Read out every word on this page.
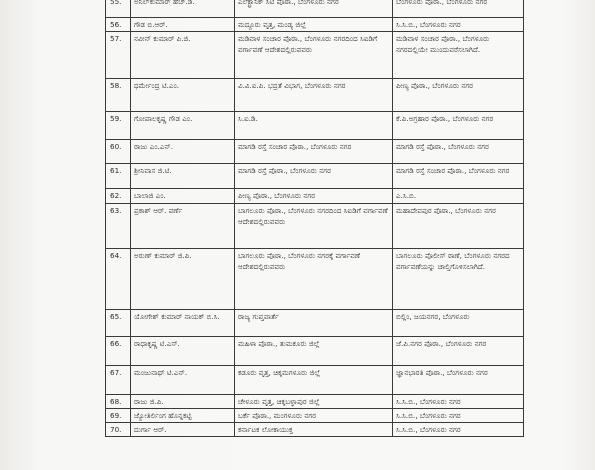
55.	ಅನಿಲ್‌ಕುಮಾರ್ ಹೆಚ್.ಡಿ.	ಎಲೆಕ್ಟ್ರಾನಿಕ್ ಸಿಟಿ ಪೊಠಾ., ಬೆಂಗಳೂರು ನಗರ	ಬೆಂಗಳೂರು ಪೊಠಾ., ಬೆಂಗಳೂರು ನಗರ
56.	ಗೌಡ ಬಿ.ಆರ್.	ಮದ್ದೂರು ವೃತ್ತ, ಮಂಡ್ಯ ಜಿಲ್ಲೆ	ಸಿ.ಸಿ.ಬಿ., ಬೆಂಗಳೂರು ನಗರ
57.	ನವೀನ್ ಕುಮಾರ್ ಪಿ.ಜಿ.	ಮಡಿವಾಳ ಸಂಚಾರ ಪೊಠಾ., ಬೆಂಗಳೂರು ನಗರದಿಂದ ಸಿಐಡಿಗೆ ವರ್ಗಾವಣೆ ಆದೇಶದಲ್ಲಿರುವವರು	ಮಡಿವಾಳ ಸಂಚಾರ ಪೊಠಾ., ಬೆಂಗಳೂರು ನಗರದಲ್ಲಿಯೇ ಮುಂದುವರೆಸಲಾಗಿದೆ.
58.	ಧರ್ಮೇಂದ್ರ ಟಿ.ಎಂ.	ವಿ.ವಿ.ಐ.ಪಿ. ಭದ್ರತೆ ವಿಭಾಗ, ಬೆಂಗಳೂರು ನಗರ	ಪೀಣ್ಯ ಪೊಠಾ., ಬೆಂಗಳೂರು ನಗರ
59.	ಗೋಪಾಲಕೃಷ್ಣ ಗೌಡ ಎಂ.	ಸಿ.ಐ.ಡಿ.	ಕೆ.ಪಿ.ಅಗ್ರಹಾರ ಪೊಠಾ., ಬೆಂಗಳೂರು ನಗರ
60.	ರಾಜು ಎಂ.ಎನ್.	ಮಾಗಡಿ ರಸ್ತೆ ಸಂಚಾರ ಪೊಠಾ., ಬೆಂಗಳೂರು ನಗರ	ಮಾಗಡಿ ರಸ್ತೆ ಪೊಠಾ., ಬೆಂಗಳೂರು ನಗರ
61.	ಶ್ರೀನಿವಾಸ ಜಿ.ಟಿ.	ಮಾಗಡಿ ರಸ್ತೆ ಪೊಠಾ., ಬೆಂಗಳೂರು ನಗರ	ಮಾಗಡಿ ರಸ್ತೆ ಸಂಚಾರ ಪೊಠಾ., ಬೆಂಗಳೂರು ನಗರ
62.	ಬಾಲಾಜಿ ಎಂ.	ಪೀಣ್ಯ ಪೊಠಾ., ಬೆಂಗಳೂರು ನಗರ	ಎ.ಸಿ.ಬಿ.
63.	ಪ್ರಕಾಶ್ ಆರ್. ವರ್ಣೆ	ಬಾಗಲೂರು ಪೊಠಾ., ಬೆಂಗಳೂರು ನಗರದಿಂದ ಸಿಐಡಿಗೆ ವರ್ಗಾವಣೆ ಆದೇಶದಲ್ಲಿರುವವರು	ಮಹಾದೇವಪುರ ಪೊಠಾ., ಬೆಂಗಳೂರು ನಗರ
64.	ಅರುಣ್ ಕುಮಾರ್ ಜಿ.ಪಿ.	ಬಾಗಲೂರು ಪೊಠಾ., ಬೆಂಗಳೂರು ನಗರಕ್ಕೆ ವರ್ಗಾವಣೆ ಆದೇಶದಲ್ಲಿರುವವರು	ಬಾಗಲೂರು ಪೊಲೀಸ್ ಠಾಣೆ, ಬೆಂಗಳೂರು ನಗರದ ವರ್ಗಾವಣೆಯನ್ನು ಚಾಲ್ತಿಗೊಳಿಸಲಾಗಿದೆ.
65.	ಯೋಗೇಶ್ ಕುಮಾರ್ ನಾಯಕ್ ಬಿ.ಸಿ.	ರಾಜ್ಯ ಗುಪ್ತವಾರ್ತೆ	ಬಿಲ್ಲಿಂ, ಜಯನಗರ, ಬೆಂಗಳೂರು
66.	ರಾಧಾಕೃಷ್ಣ ಟಿ.ಎಸ್.	ಮಹಿಳಾ ಪೊಠಾ., ತುಮಕೂರು ಜಿಲ್ಲೆ	ಜೆ.ಪಿ.ನಗರ ಪೊಠಾ., ಬೆಂಗಳೂರು ನಗರ
67.	ಮಂಜುನಾಥ್ ಟಿ.ಎನ್.	ಕಡೂರು ವೃತ್ತ, ಚಿಕ್ಕಮಗಳೂರು ಜಿಲ್ಲೆ	ಜ್ಞಾನಭಾರತಿ ಪೊಠಾ., ಬೆಂಗಳೂರು ನಗರ
68.	ರಾಜು ಜಿ.ಪಿ.	ಚೇಳೂರು ವೃತ್ತ, ಚಿಕ್ಕಬಳ್ಳಾಪುರ ಜಿಲ್ಲೆ	ಸಿ.ಸಿ.ಬಿ., ಬೆಂಗಳೂರು ನಗರ
69.	ಜ್ಯೋತಿರ್ಲಿಂಗ ಹೊನ್ನಕಟ್ಟಿ	ಬರ್ಕೆ ಪೊಠಾ., ಮಂಗಳೂರು ನಗರ	ಸಿ.ಸಿ.ಬಿ., ಬೆಂಗಳೂರು ನಗರ
70.	ದುರ್ಗಾ ಆರ್.	ಕರ್ನಾಟಕ ಲೋಕಾಯುಕ್ತ	ಸಿ.ಸಿ.ಬಿ., ಬೆಂಗಳೂರು ನಗರ
